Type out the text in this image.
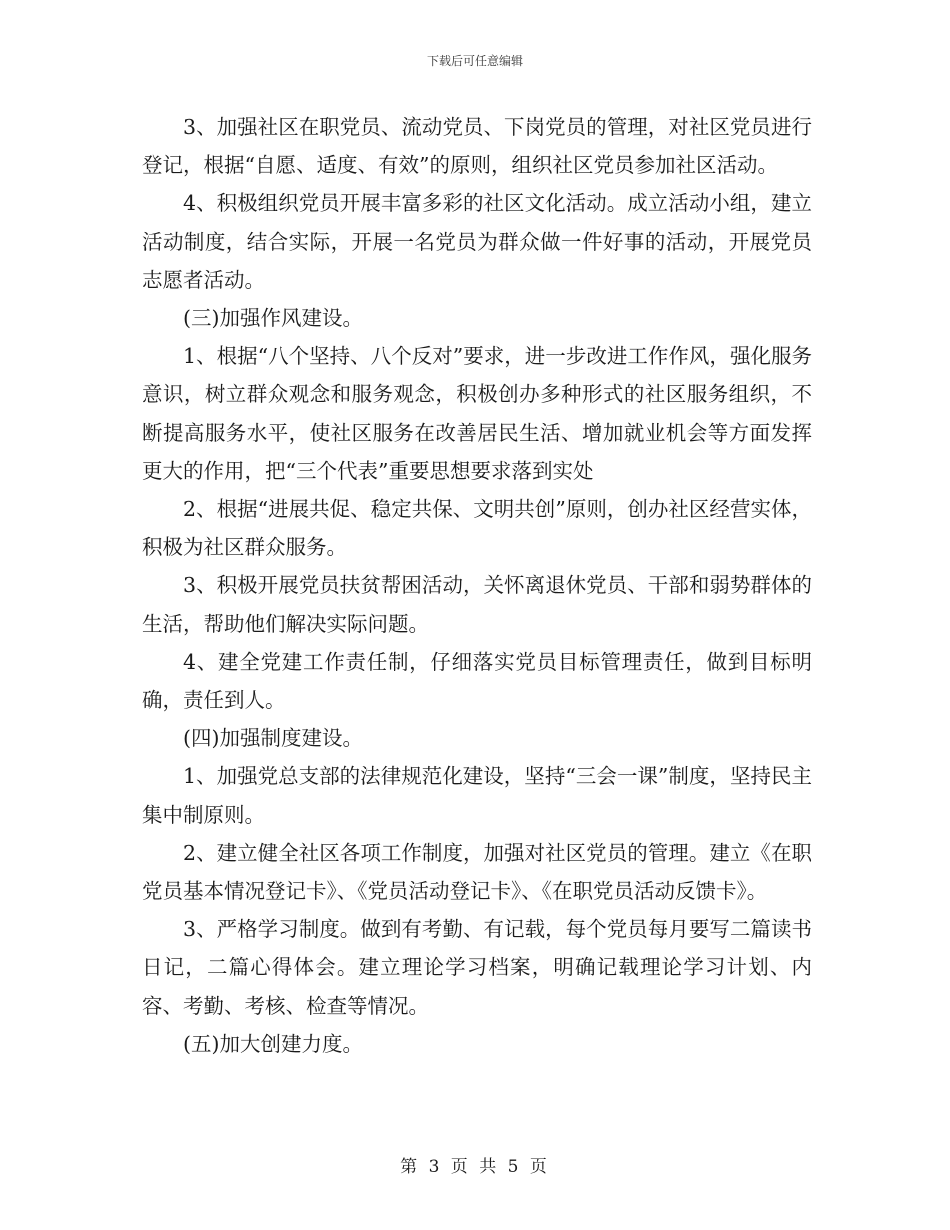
下载后可任意编辑

3、加强社区在职党员、流动党员、下岗党员的管理，对社区党员进行登记，根据“自愿、适度、有效”的原则，组织社区党员参加社区活动。

4、积极组织党员开展丰富多彩的社区文化活动。成立活动小组，建立活动制度，结合实际，开展一名党员为群众做一件好事的活动，开展党员志愿者活动。

(三)加强作风建设。

1、根据“八个坚持、八个反对”要求，进一步改进工作作风，强化服务意识，树立群众观念和服务观念，积极创办多种形式的社区服务组织，不断提高服务水平，使社区服务在改善居民生活、增加就业机会等方面发挥更大的作用，把“三个代表”重要思想要求落到实处

2、根据“进展共促、稳定共保、文明共创”原则，创办社区经营实体，积极为社区群众服务。

3、积极开展党员扶贫帮困活动，关怀离退休党员、干部和弱势群体的生活，帮助他们解决实际问题。

4、建全党建工作责任制，仔细落实党员目标管理责任，做到目标明确，责任到人。

(四)加强制度建设。

1、加强党总支部的法律规范化建设，坚持“三会一课”制度，坚持民主集中制原则。

2、建立健全社区各项工作制度，加强对社区党员的管理。建立《在职党员基本情况登记卡》、《党员活动登记卡》、《在职党员活动反馈卡》。

3、严格学习制度。做到有考勤、有记载，每个党员每月要写二篇读书日记，二篇心得体会。建立理论学习档案，明确记载理论学习计划、内容、考勤、考核、检查等情况。

(五)加大创建力度。

第 3 页 共 5 页
